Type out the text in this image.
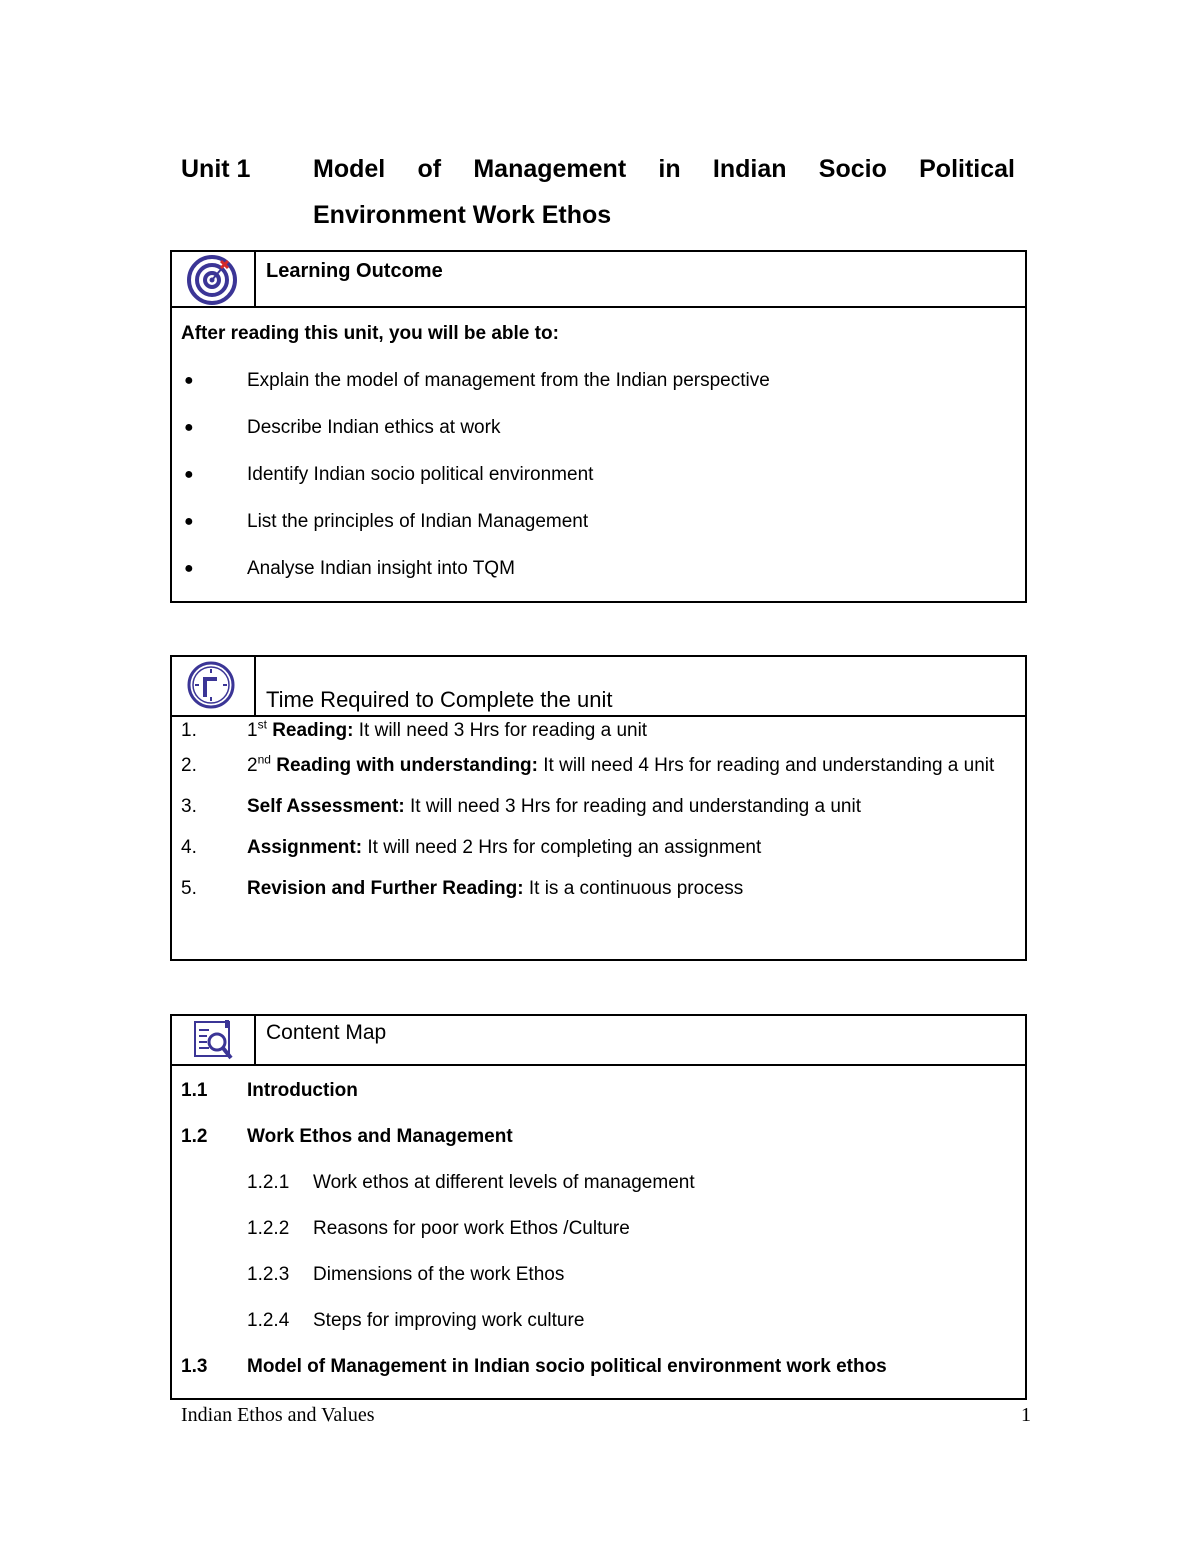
Unit 1	Model of Management in Indian Socio Political
Environment Work Ethos
Learning Outcome
After reading this unit, you will be able to:
●	Explain the model of management from the Indian perspective
●	Describe Indian ethics at work
●	Identify Indian socio political environment
●	List the principles of Indian Management
●	Analyse Indian insight into TQM
Time Required to Complete the unit
1.	1st Reading: It will need 3 Hrs for reading a unit
2.	2nd Reading with understanding: It will need 4 Hrs for reading and understanding a unit
3.	Self Assessment: It will need 3 Hrs for reading and understanding a unit
4.	Assignment: It will need 2 Hrs for completing an assignment
5.	Revision and Further Reading: It is a continuous process
Content Map
1.1	Introduction
1.2	Work Ethos and Management
1.2.1	Work ethos at different levels of management
1.2.2	Reasons for poor work Ethos /Culture
1.2.3	Dimensions of the work Ethos
1.2.4	Steps for improving work culture
1.3	Model of Management in Indian socio political environment work ethos
Indian Ethos and Values	1
